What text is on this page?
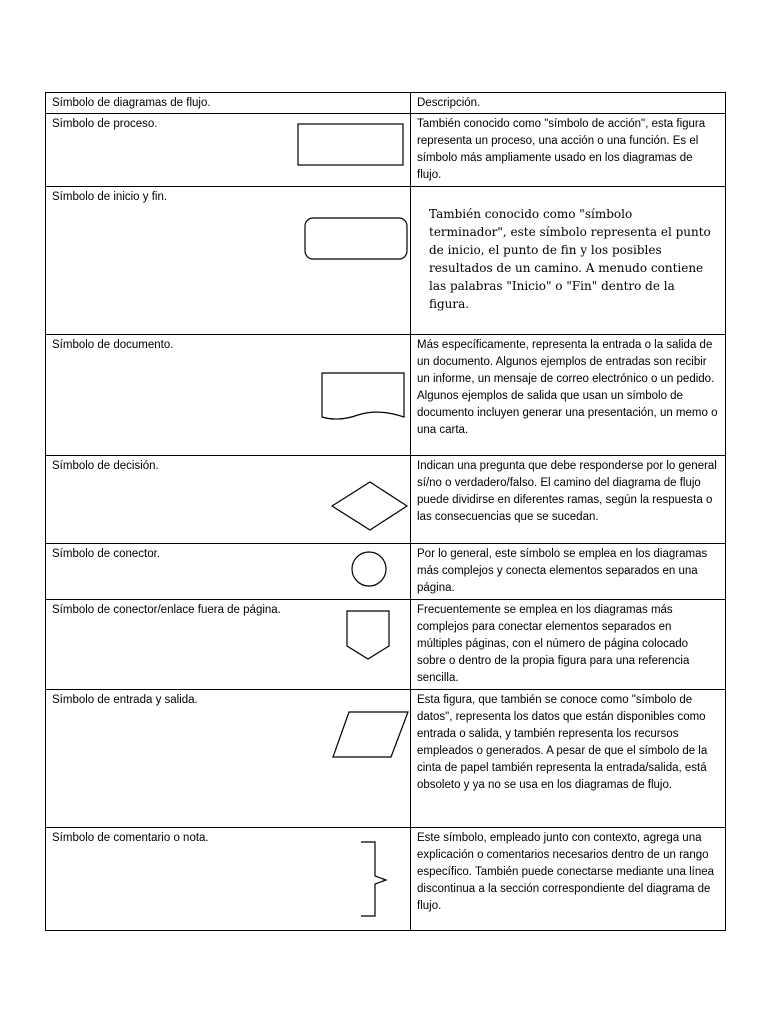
Símbolo de diagramas de flujo.	Descripción.

Símbolo de proceso.	También conocido como "símbolo de acción", esta figura representa un proceso, una acción o una función. Es el símbolo más ampliamente usado en los diagramas de flujo.

Símbolo de inicio y fin.	También conocido como "símbolo terminador", este símbolo representa el punto de inicio, el punto de fin y los posibles resultados de un camino. A menudo contiene las palabras "Inicio" o "Fin" dentro de la figura.

Símbolo de documento.	Más específicamente, representa la entrada o la salida de un documento. Algunos ejemplos de entradas son recibir un informe, un mensaje de correo electrónico o un pedido. Algunos ejemplos de salida que usan un símbolo de documento incluyen generar una presentación, un memo o una carta.

Símbolo de decisión.	Indican una pregunta que debe responderse por lo general sí/no o verdadero/falso. El camino del diagrama de flujo puede dividirse en diferentes ramas, según la respuesta o las consecuencias que se sucedan.

Símbolo de conector.	Por lo general, este símbolo se emplea en los diagramas más complejos y conecta elementos separados en una página.

Símbolo de conector/enlace fuera de página.	Frecuentemente se emplea en los diagramas más complejos para conectar elementos separados en múltiples páginas, con el número de página colocado sobre o dentro de la propia figura para una referencia sencilla.

Símbolo de entrada y salida.	Esta figura, que también se conoce como "símbolo de datos", representa los datos que están disponibles como entrada o salida, y también representa los recursos empleados o generados. A pesar de que el símbolo de la cinta de papel también representa la entrada/salida, está obsoleto y ya no se usa en los diagramas de flujo.

Símbolo de comentario o nota.	Este símbolo, empleado junto con contexto, agrega una explicación o comentarios necesarios dentro de un rango específico. También puede conectarse mediante una línea discontinua a la sección correspondiente del diagrama de flujo.
